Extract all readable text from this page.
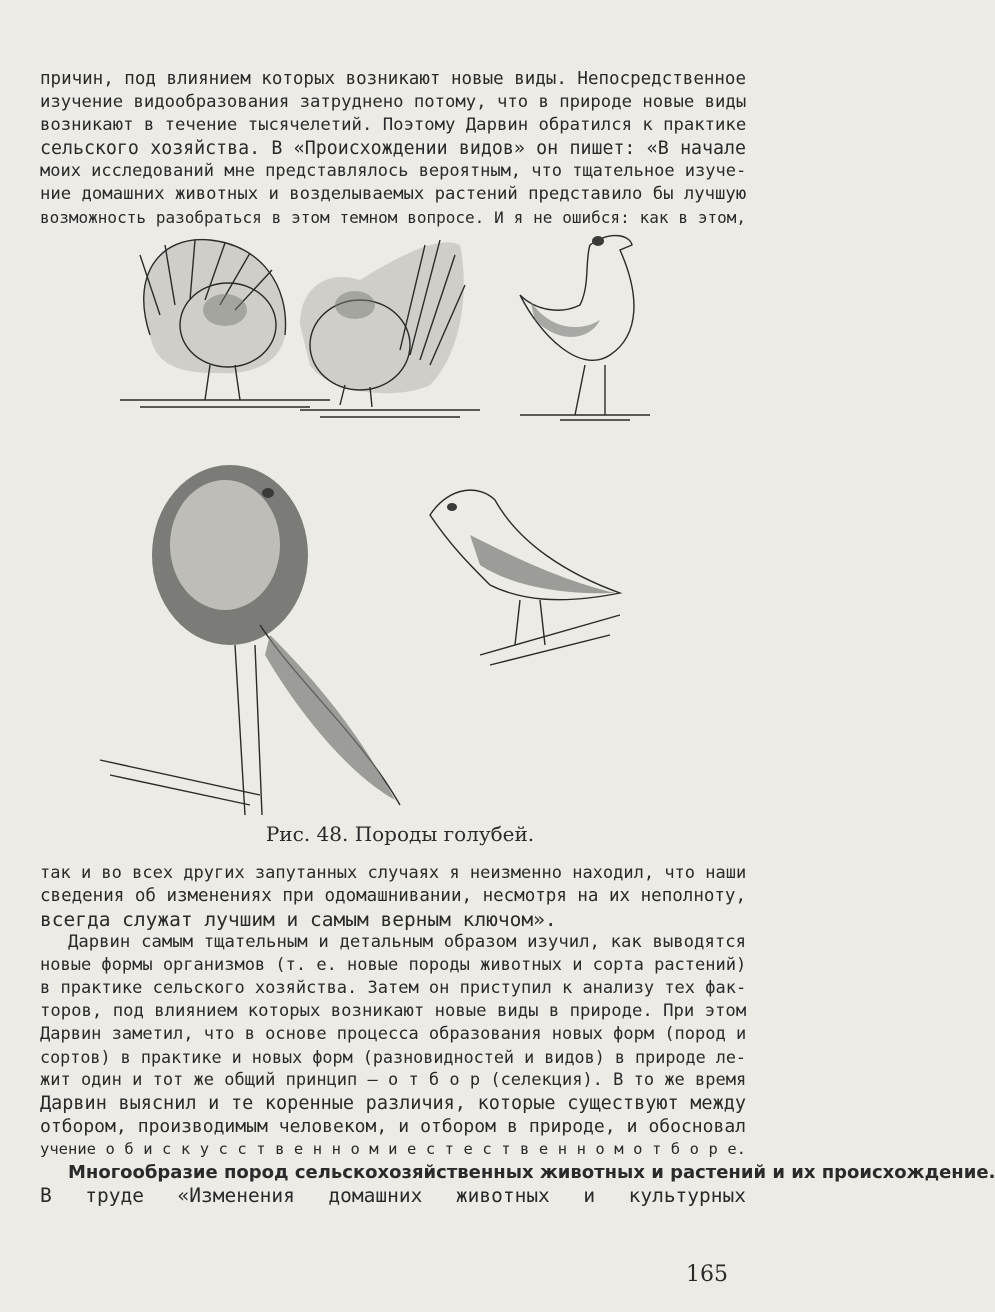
причин, под влиянием которых возникают новые виды. Непосредственное
изучение видообразования затруднено потому, что в природе новые виды
возникают в течение тысячелетий. Поэтому Дарвин обратился к практике
сельского хозяйства. В «Происхождении видов» он пишет: «В начале
моих исследований мне представлялось вероятным, что тщательное изуче-
ние домашних животных и возделываемых растений представило бы лучшую
возможность разобраться в этом темном вопросе. И я не ошибся: как в этом,
Рис. 48. Породы голубей.
так и во всех других запутанных случаях я неизменно находил, что наши
сведения об изменениях при одомашнивании, несмотря на их неполноту,
всегда служат лучшим и самым верным ключом».
Дарвин самым тщательным и детальным образом изучил, как выводятся
новые формы организмов (т. е. новые породы животных и сорта растений)
в практике сельского хозяйства. Затем он приступил к анализу тех фак-
торов, под влиянием которых возникают новые виды в природе. При этом
Дарвин заметил, что в основе процесса образования новых форм (пород и
сортов) в практике и новых форм (разновидностей и видов) в природе ле-
жит один и тот же общий принцип — о т б о р (селекция). В то же время
Дарвин выяснил и те коренные различия, которые существуют между
отбором, производимым человеком, и отбором в природе, и обосновал
учение о б и с к у с с т в е н н о м и е с т е с т в е н н о м о т б о р е.
Многообразие пород сельскохозяйственных животных и растений и их происхождение.
В труде «Изменения домашних животных и культурных
165
